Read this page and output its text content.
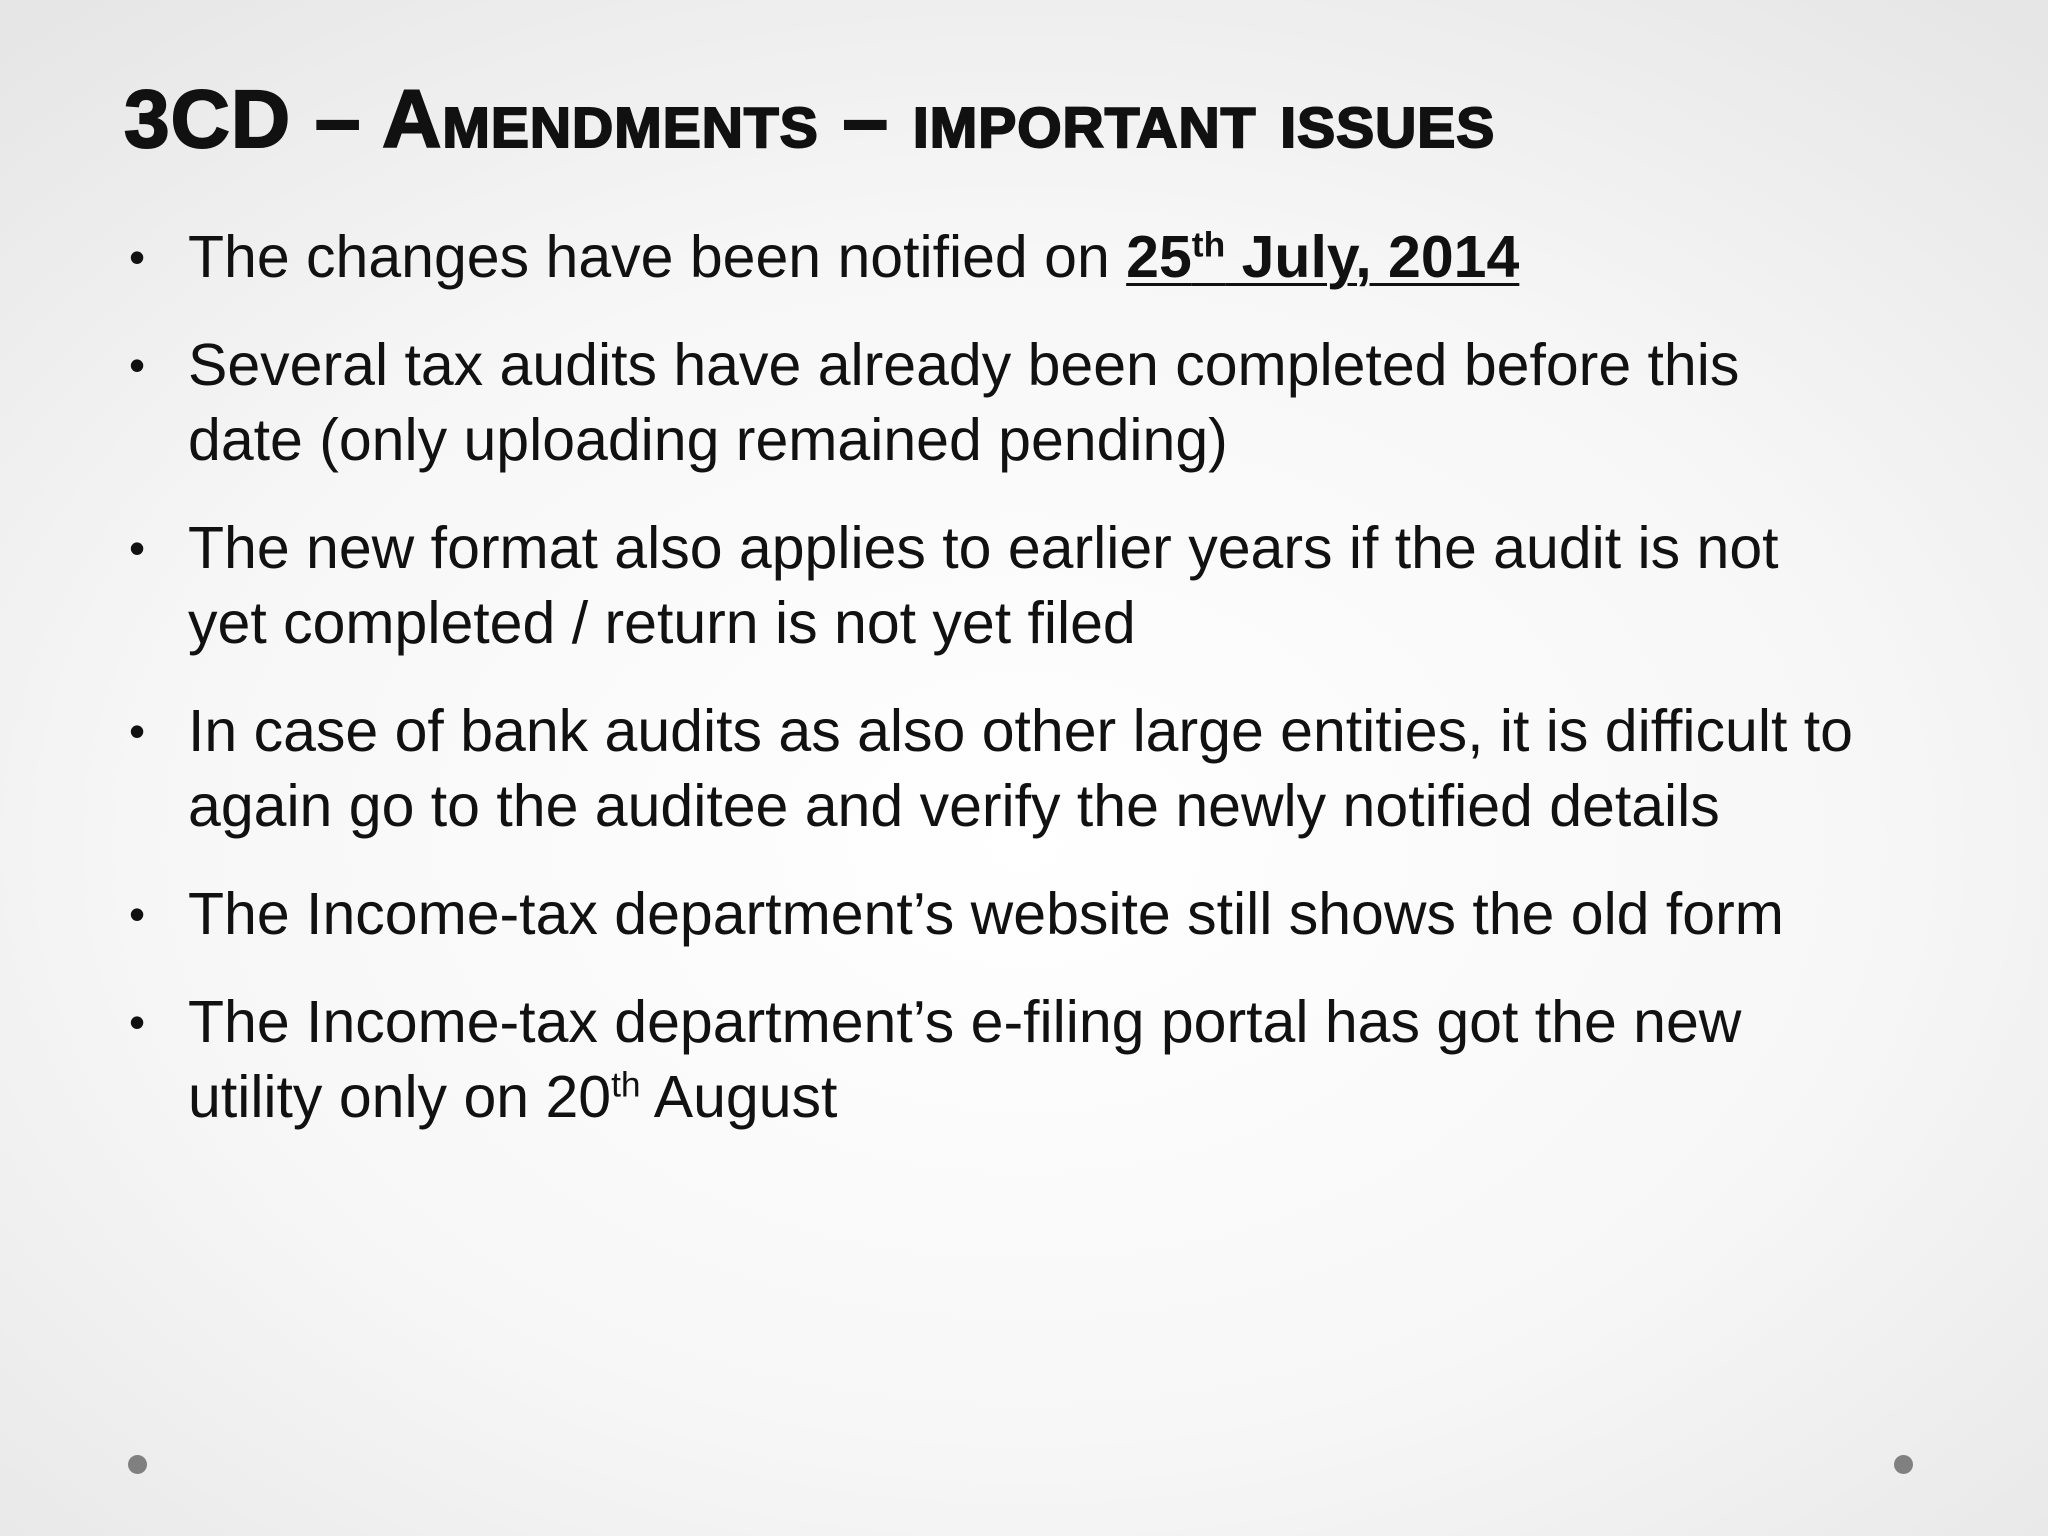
3CD – Amendments – important issues
• The changes have been notified on 25th July, 2014
• Several tax audits have already been completed before this date (only uploading remained pending)
• The new format also applies to earlier years if the audit is not yet completed / return is not yet filed
• In case of bank audits as also other large entities, it is difficult to again go to the auditee and verify the newly notified details
• The Income-tax department’s website still shows the old form
• The Income-tax department’s e-filing portal has got the new utility only on 20th August
